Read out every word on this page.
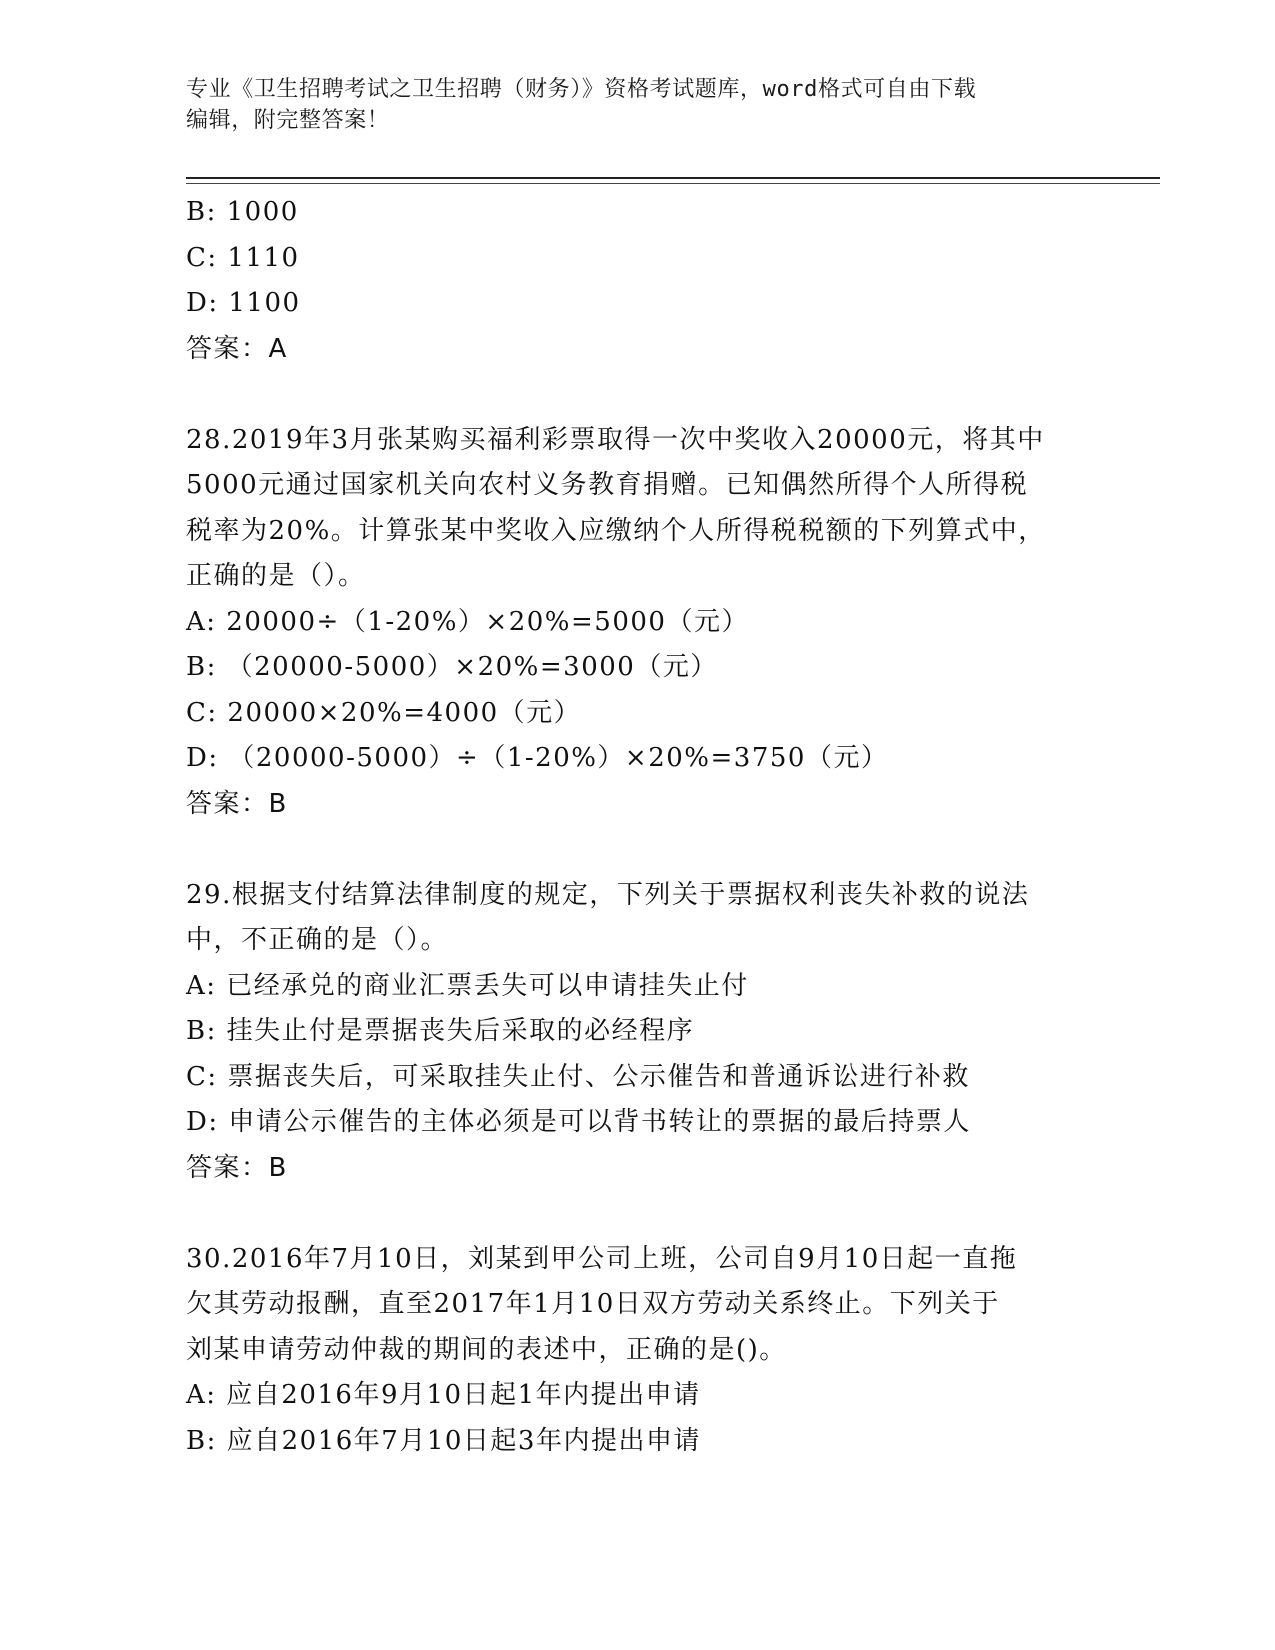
专业《卫生招聘考试之卫生招聘（财务）》资格考试题库，word格式可自由下载
编辑，附完整答案！
B: 1000
C: 1110
D: 1100
答案：A
28.2019年3月张某购买福利彩票取得一次中奖收入20000元，将其中
5000元通过国家机关向农村义务教育捐赠。已知偶然所得个人所得税
税率为20%。计算张某中奖收入应缴纳个人所得税税额的下列算式中，
正确的是（）。
A: 20000÷（1-20%）×20%=5000（元）
B: （20000-5000）×20%=3000（元）
C: 20000×20%=4000（元）
D: （20000-5000）÷（1-20%）×20%=3750（元）
答案：B
29.根据支付结算法律制度的规定，下列关于票据权利丧失补救的说法
中，不正确的是（）。
A: 已经承兑的商业汇票丢失可以申请挂失止付
B: 挂失止付是票据丧失后采取的必经程序
C: 票据丧失后，可采取挂失止付、公示催告和普通诉讼进行补救
D: 申请公示催告的主体必须是可以背书转让的票据的最后持票人
答案：B
30.2016年7月10日，刘某到甲公司上班，公司自9月10日起一直拖
欠其劳动报酬，直至2017年1月10日双方劳动关系终止。下列关于
刘某申请劳动仲裁的期间的表述中，正确的是()。
A: 应自2016年9月10日起1年内提出申请
B: 应自2016年7月10日起3年内提出申请
